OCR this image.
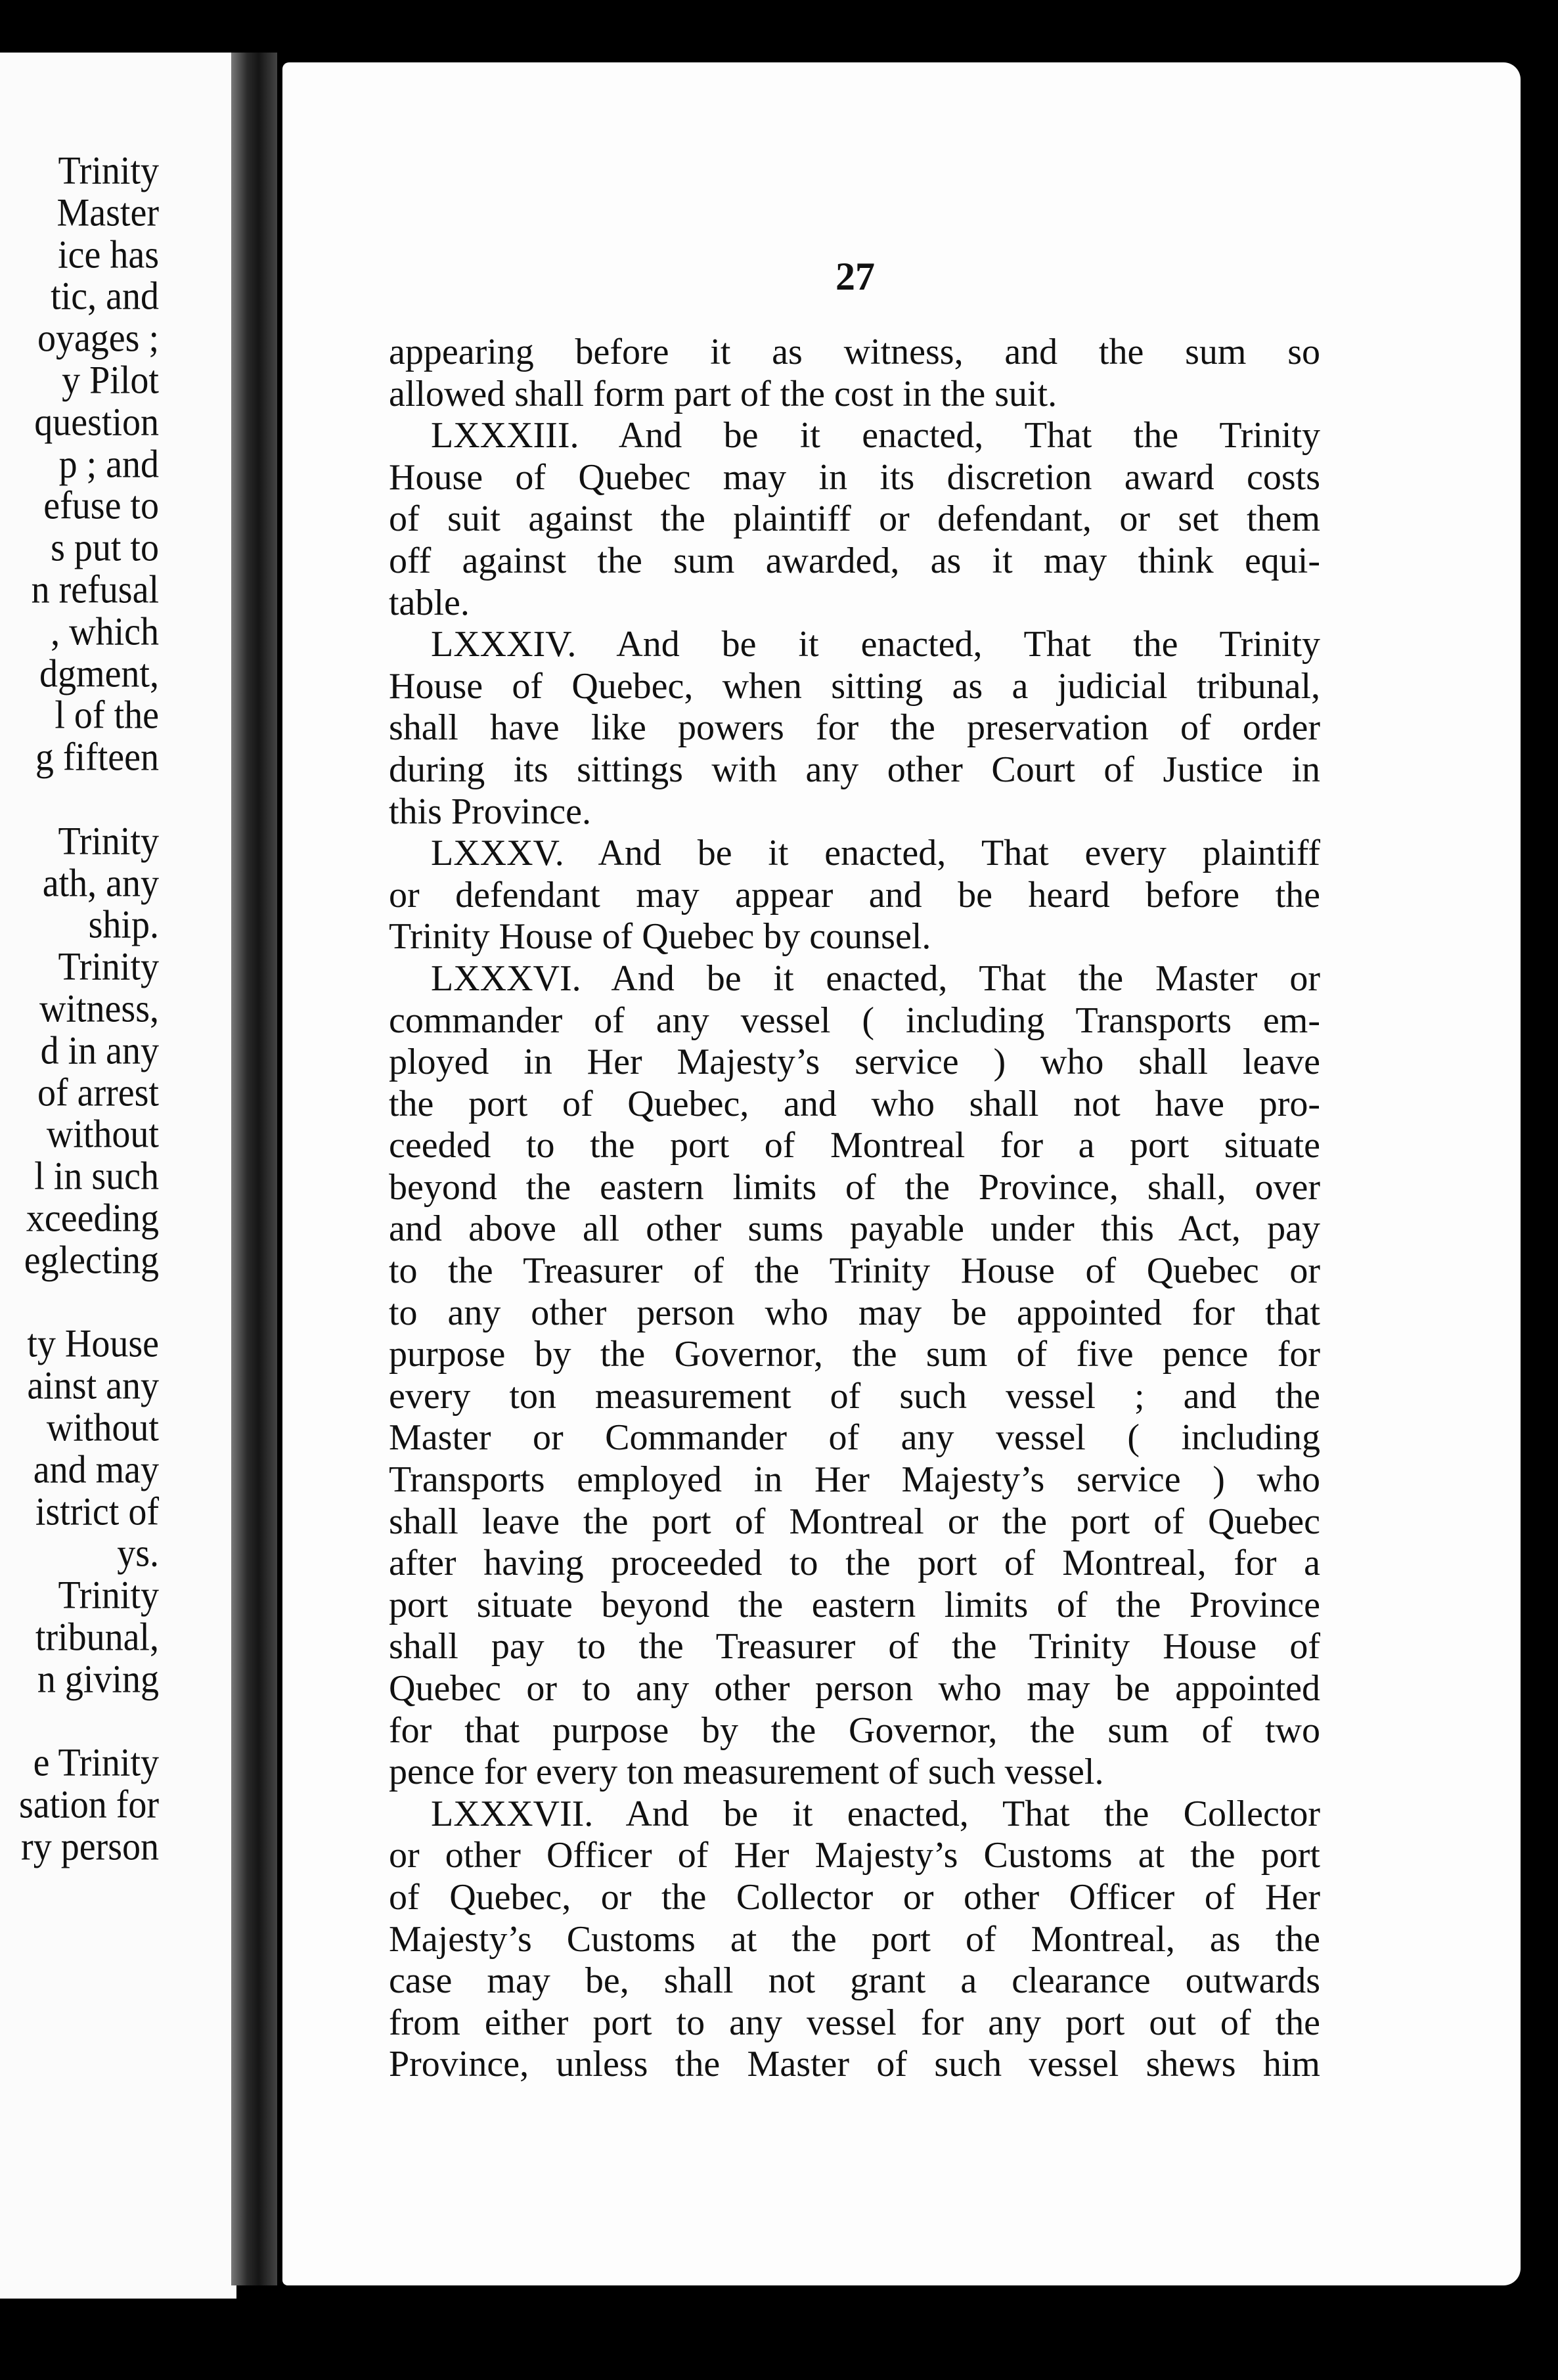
Trinity
Master
ice has
tic, and
oyages ;
y Pilot
question
p ; and
efuse to
s put to
n refusal
, which
dgment,
l of the
g fifteen
Trinity
ath, any
ship.
Trinity
witness,
d in any
of arrest
without
l in such
xceeding
eglecting
ty House
ainst any
without
and may
istrict of
ys.
Trinity
tribunal,
n giving
e Trinity
sation for
ry person
27
appearing before it as witness, and the sum so
allowed shall form part of the cost in the suit.
LXXXIII. And be it enacted, That the Trinity
House of Quebec may in its discretion award costs
of suit against the plaintiff or defendant, or set them
off against the sum awarded, as it may think equi-
table.
LXXXIV. And be it enacted, That the Trinity
House of Quebec, when sitting as a judicial tribunal,
shall have like powers for the preservation of order
during its sittings with any other Court of Justice in
this Province.
LXXXV. And be it enacted, That every plaintiff
or defendant may appear and be heard before the
Trinity House of Quebec by counsel.
LXXXVI. And be it enacted, That the Master or
commander of any vessel ( including Transports em-
ployed in Her Majesty’s service ) who shall leave
the port of Quebec, and who shall not have pro-
ceeded to the port of Montreal for a port situate
beyond the eastern limits of the Province, shall, over
and above all other sums payable under this Act, pay
to the Treasurer of the Trinity House of Quebec or
to any other person who may be appointed for that
purpose by the Governor, the sum of five pence for
every ton measurement of such vessel ; and the
Master or Commander of any vessel ( including
Transports employed in Her Majesty’s service ) who
shall leave the port of Montreal or the port of Quebec
after having proceeded to the port of Montreal, for a
port situate beyond the eastern limits of the Province
shall pay to the Treasurer of the Trinity House of
Quebec or to any other person who may be appointed
for that purpose by the Governor, the sum of two
pence for every ton measurement of such vessel.
LXXXVII. And be it enacted, That the Collector
or other Officer of Her Majesty’s Customs at the port
of Quebec, or the Collector or other Officer of Her
Majesty’s Customs at the port of Montreal, as the
case may be, shall not grant a clearance outwards
from either port to any vessel for any port out of the
Province, unless the Master of such vessel shews him
